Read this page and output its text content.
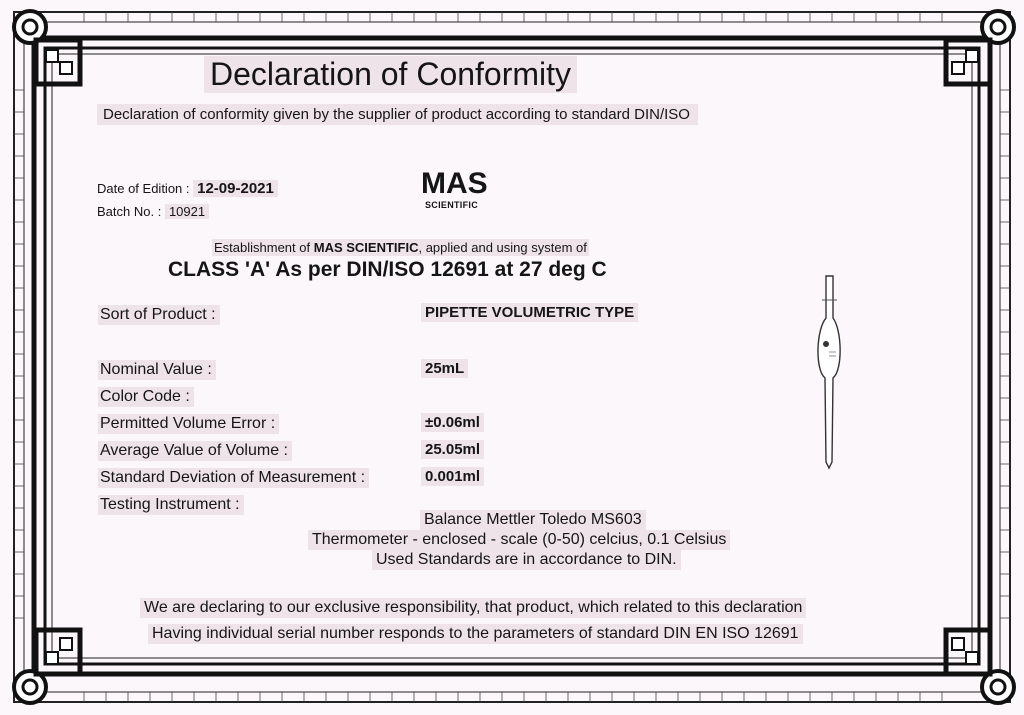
Declaration of Conformity
Declaration of conformity given by the supplier of product according to standard DIN/ISO
Date of Edition : 12-09-2021
Batch No. : 10921
MAS
SCIENTIFIC
Establishment of MAS SCIENTIFIC, applied and using system of
CLASS 'A' As per DIN/ISO 12691 at 27 deg C
Sort of Product :	PIPETTE VOLUMETRIC TYPE
Nominal Value :	25mL
Color Code :
Permitted Volume Error :	±0.06ml
Average Value of Volume :	25.05ml
Standard Deviation of Measurement :	0.001ml
Testing Instrument :
Balance Mettler Toledo MS603
Thermometer - enclosed - scale (0-50) celcius, 0.1 Celsius
Used Standards are in accordance to DIN.
We are declaring to our exclusive responsibility, that product, which related to this declaration
Having individual serial number responds to the parameters of standard DIN EN ISO 12691
